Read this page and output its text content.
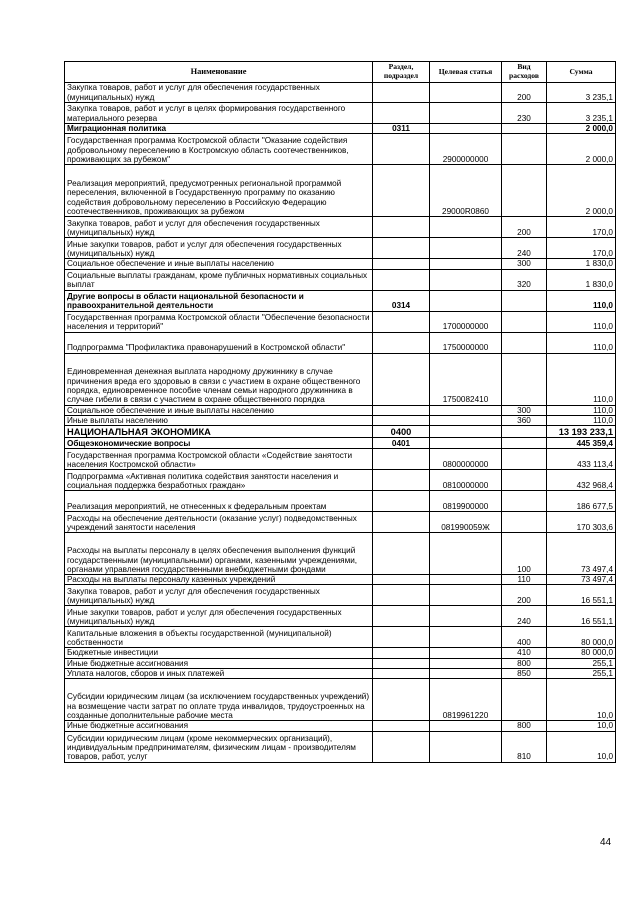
Наименование	Раздел, подраздел	Целевая статья	Вид расходов	Сумма
Закупка товаров, работ и услуг для обеспечения государственных (муниципальных) нужд			200	3 235,1
Закупка товаров, работ и услуг в целях формирования государственного материального резерва			230	3 235,1
Миграционная политика	0311			2 000,0
Государственная программа Костромской области "Оказание содействия добровольному переселению в Костромскую область соотечественников, проживающих за рубежом"		2900000000		2 000,0
Реализация мероприятий, предусмотренных региональной программой переселения, включенной в Государственную программу по оказанию содействия добровольному переселению в Российскую Федерацию соотечественников, проживающих за рубежом		29000R0860		2 000,0
Закупка товаров, работ и услуг для обеспечения государственных (муниципальных) нужд			200	170,0
Иные закупки товаров, работ и услуг для обеспечения государственных (муниципальных) нужд			240	170,0
Социальное обеспечение и иные выплаты населению			300	1 830,0
Социальные выплаты гражданам, кроме публичных нормативных социальных выплат			320	1 830,0
Другие вопросы в области национальной безопасности и правоохранительной деятельности	0314			110,0
Государственная программа Костромской области "Обеспечение безопасности населения и территорий"		1700000000		110,0
Подпрограмма "Профилактика правонарушений в Костромской области"		1750000000		110,0
Единовременная денежная выплата народному дружиннику в случае причинения вреда его здоровью в связи с участием в охране общественного порядка, единовременное пособие членам семьи народного дружинника в случае гибели в связи с участием в охране общественного порядка		1750082410		110,0
Социальное обеспечение и иные выплаты населению			300	110,0
Иные выплаты населению			360	110,0
НАЦИОНАЛЬНАЯ ЭКОНОМИКА	0400			13 193 233,1
Общеэкономические вопросы	0401			445 359,4
Государственная программа Костромской области «Содействие занятости населения Костромской области»		0800000000		433 113,4
Подпрограмма «Активная политика содействия занятости населения и социальная поддержка безработных граждан»		0810000000		432 968,4
Реализация мероприятий, не отнесенных к федеральным проектам		0819900000		186 677,5
Расходы на обеспечение деятельности (оказание услуг) подведомственных учреждений занятости населения		081990059Ж		170 303,6
Расходы на выплаты персоналу в целях обеспечения выполнения функций государственными (муниципальными) органами, казенными учреждениями, органами управления государственными внебюджетными фондами			100	73 497,4
Расходы на выплаты персоналу казенных учреждений			110	73 497,4
Закупка товаров, работ и услуг для обеспечения государственных (муниципальных) нужд			200	16 551,1
Иные закупки товаров, работ и услуг для обеспечения государственных (муниципальных) нужд			240	16 551,1
Капитальные вложения в объекты государственной (муниципальной) собственности			400	80 000,0
Бюджетные инвестиции			410	80 000,0
Иные бюджетные ассигнования			800	255,1
Уплата налогов, сборов и иных платежей			850	255,1
Субсидии юридическим лицам (за исключением государственных учреждений) на возмещение части затрат по оплате труда инвалидов, трудоустроенных на созданные дополнительные рабочие места		0819961220		10,0
Иные бюджетные ассигнования			800	10,0
Субсидии юридическим лицам (кроме некоммерческих организаций), индивидуальным предпринимателям, физическим лицам - производителям товаров, работ, услуг			810	10,0
44
